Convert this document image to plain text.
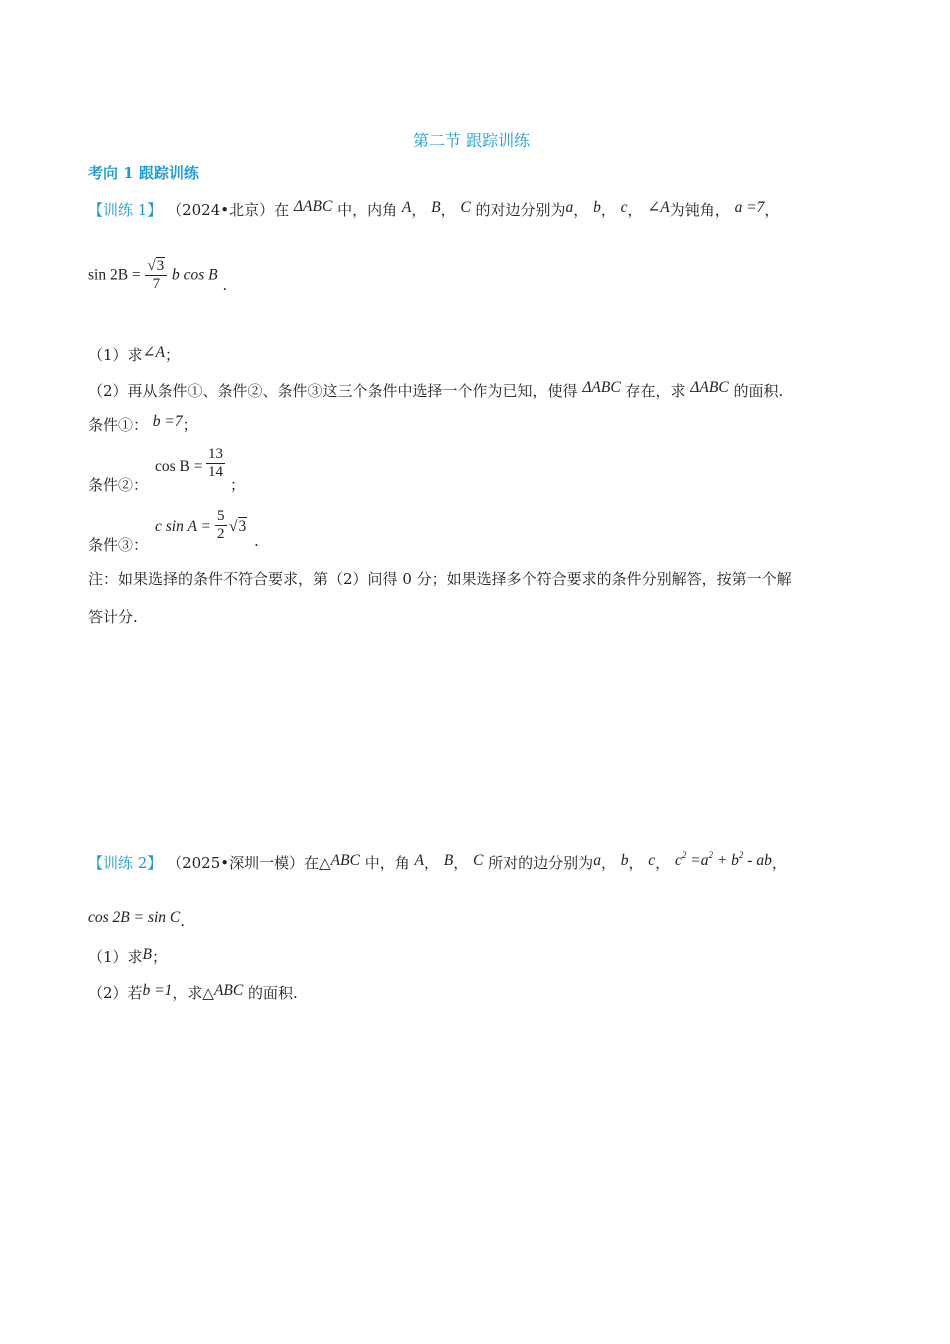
第二节 跟踪训练
考向 1 跟踪训练
【训练 1】 （2024•北京）在 ΔABC 中，内角 A， B， C 的对边分别为a， b， c， ∠A为钝角， a =7，
$\sin 2B = \frac{√3}{7}$ b cos B .
（1）求∠A；
（2）再从条件①、条件②、条件③这三个条件中选择一个作为已知，使得 ΔABC 存在，求 ΔABC 的面积.
条件①： b =7；
条件②：
$\cos B = \frac{13}{14}$
；
条件③：
c $\sin A = \frac{5}{2} √3$
.
注：如果选择的条件不符合要求，第（2）问得 0 分；如果选择多个符合要求的条件分别解答，按第一个解
答计分.
【训练 2】 （2025•深圳一模）在△ABC 中，角 A， B， C 所对的边分别为a， b， c， $c^2 =a^2 + b^2$ - ab，
cos 2B = sin C.
（1）求B；
（2）若b =1，求△ABC 的面积.
